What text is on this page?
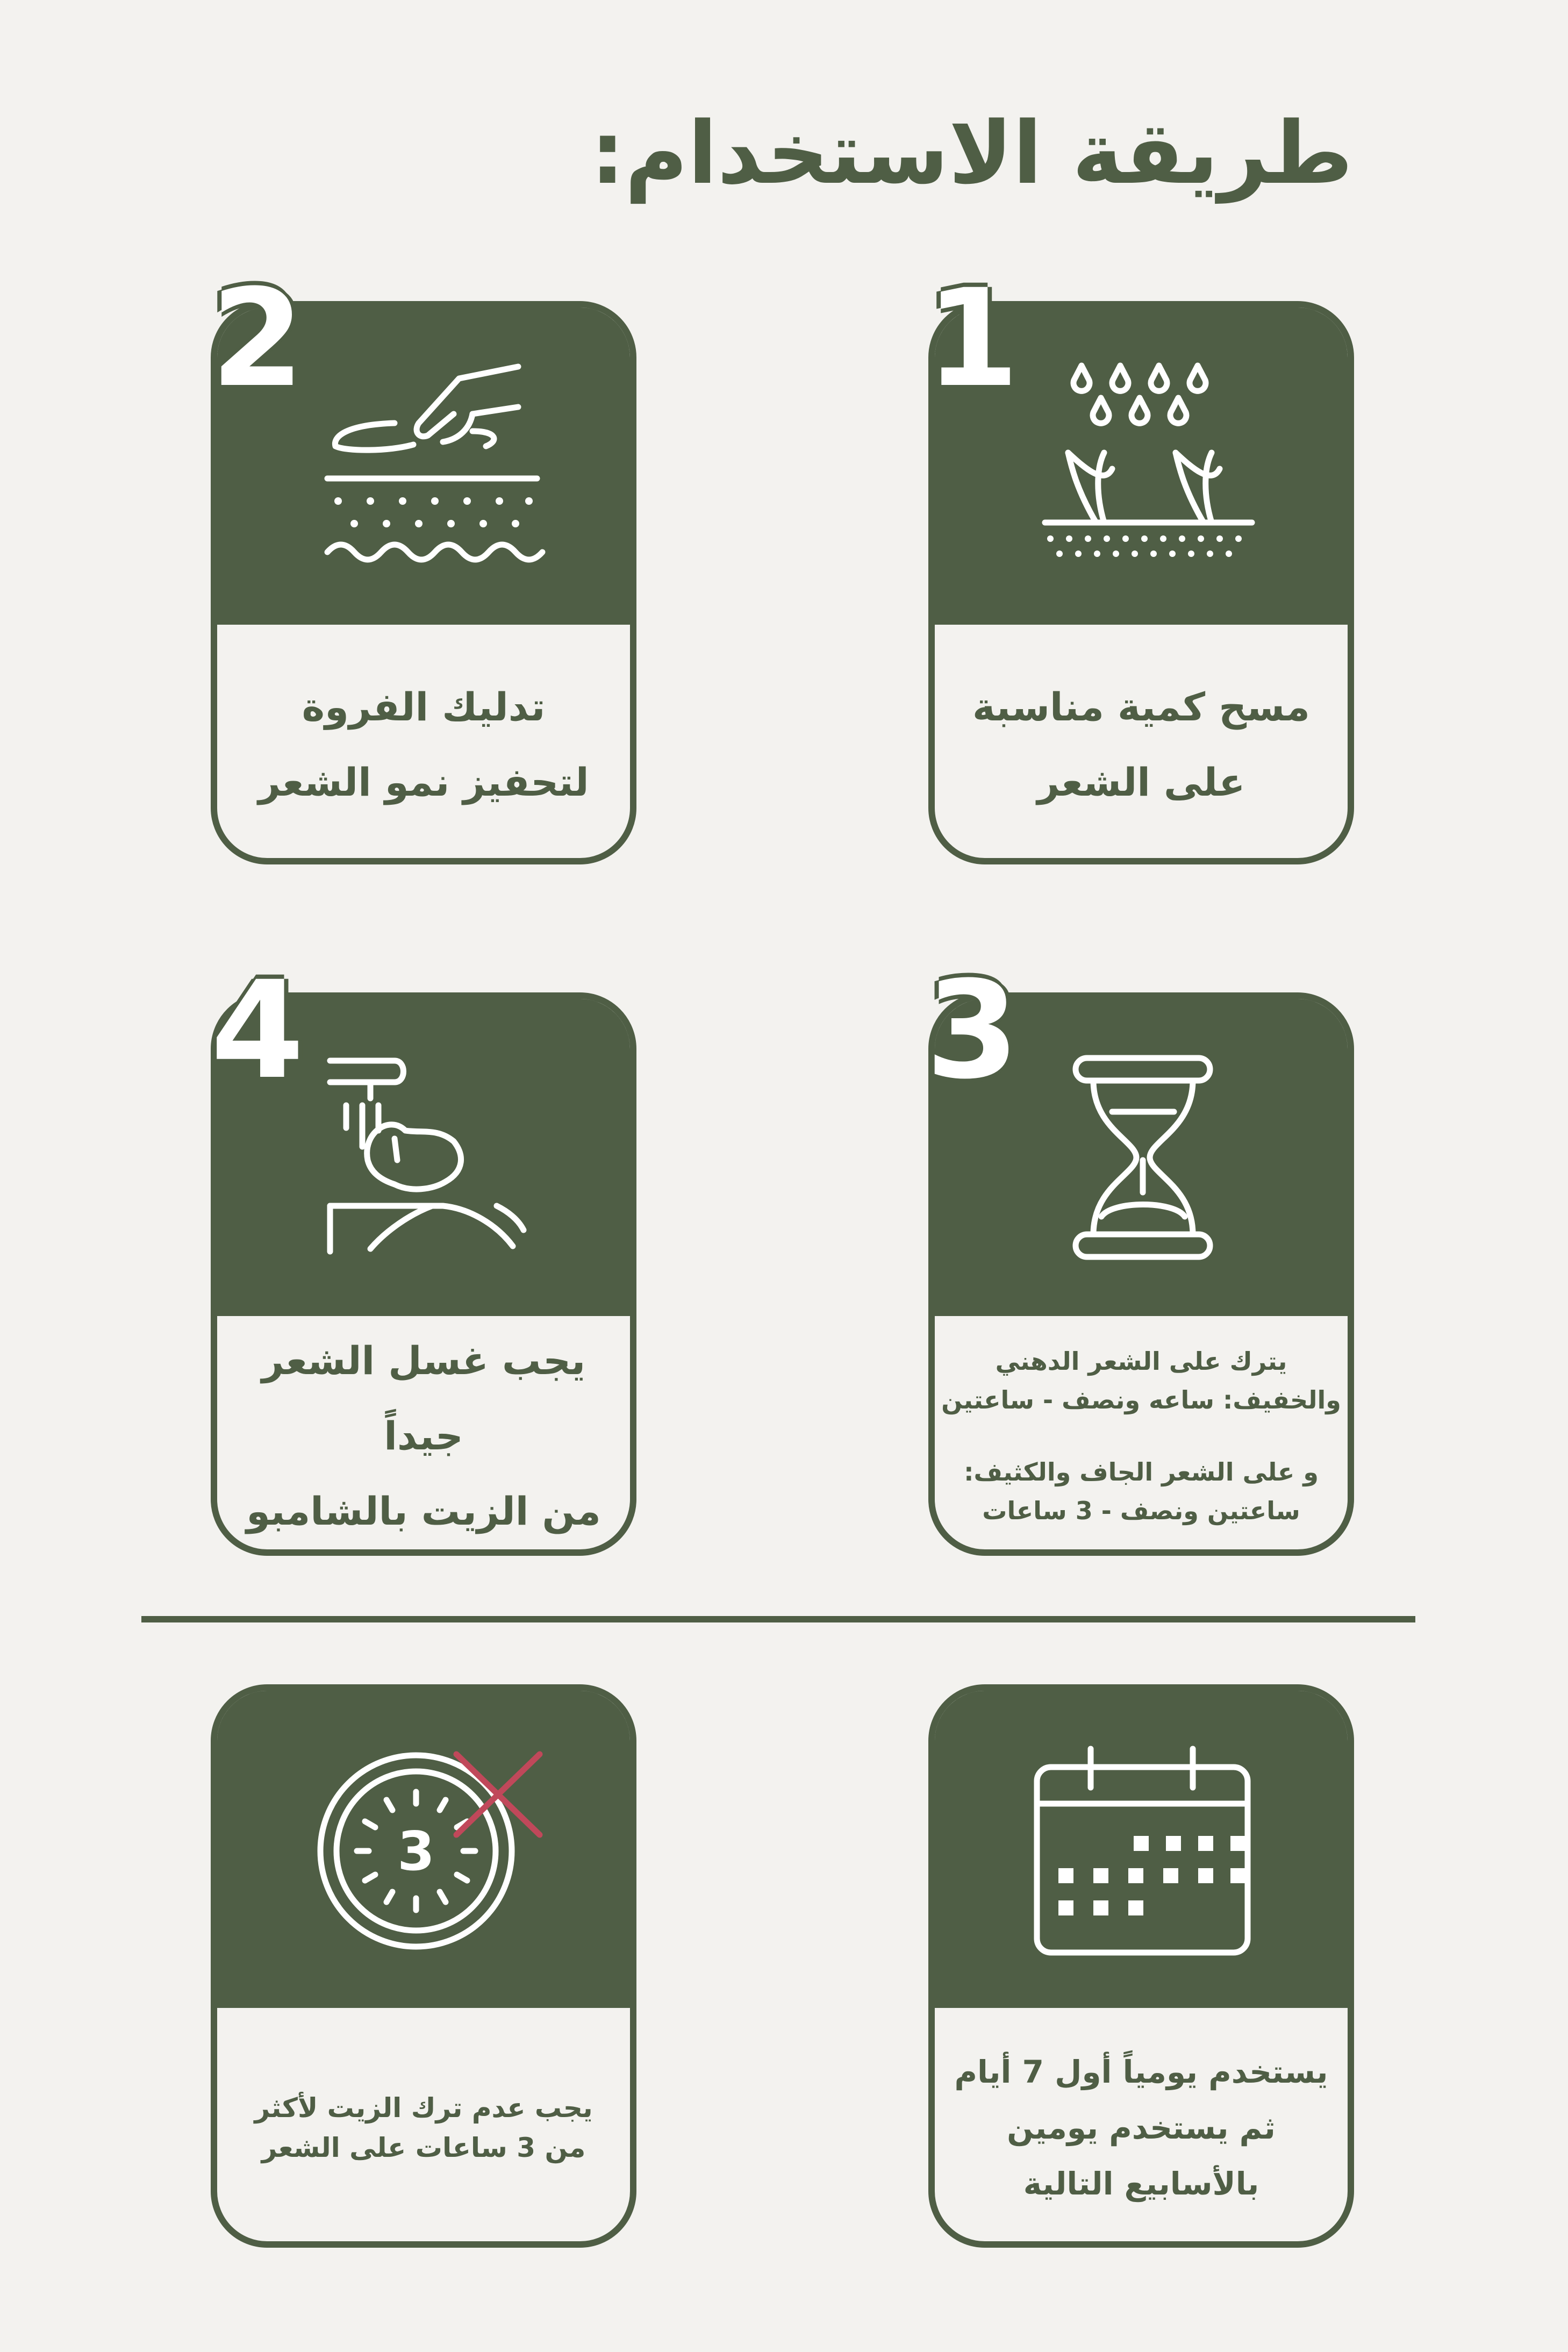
طريقة الاستخدام:
مسح كمية مناسبة
على الشعر
1
تدليك الفروة
لتحفيز نمو الشعر
2
يترك على الشعر الدهني
والخفيف: ساعه ونصف - ساعتين
و على الشعر الجاف والكثيف:
ساعتين ونصف - 3 ساعات
3
يجب غسل الشعر جيداً
من الزيت بالشامبو
4
يستخدم يومياً أول 7 أيام
ثم يستخدم يومين
بالأسابيع التالية
3
يجب عدم ترك الزيت لأكثر
من 3 ساعات على الشعر
